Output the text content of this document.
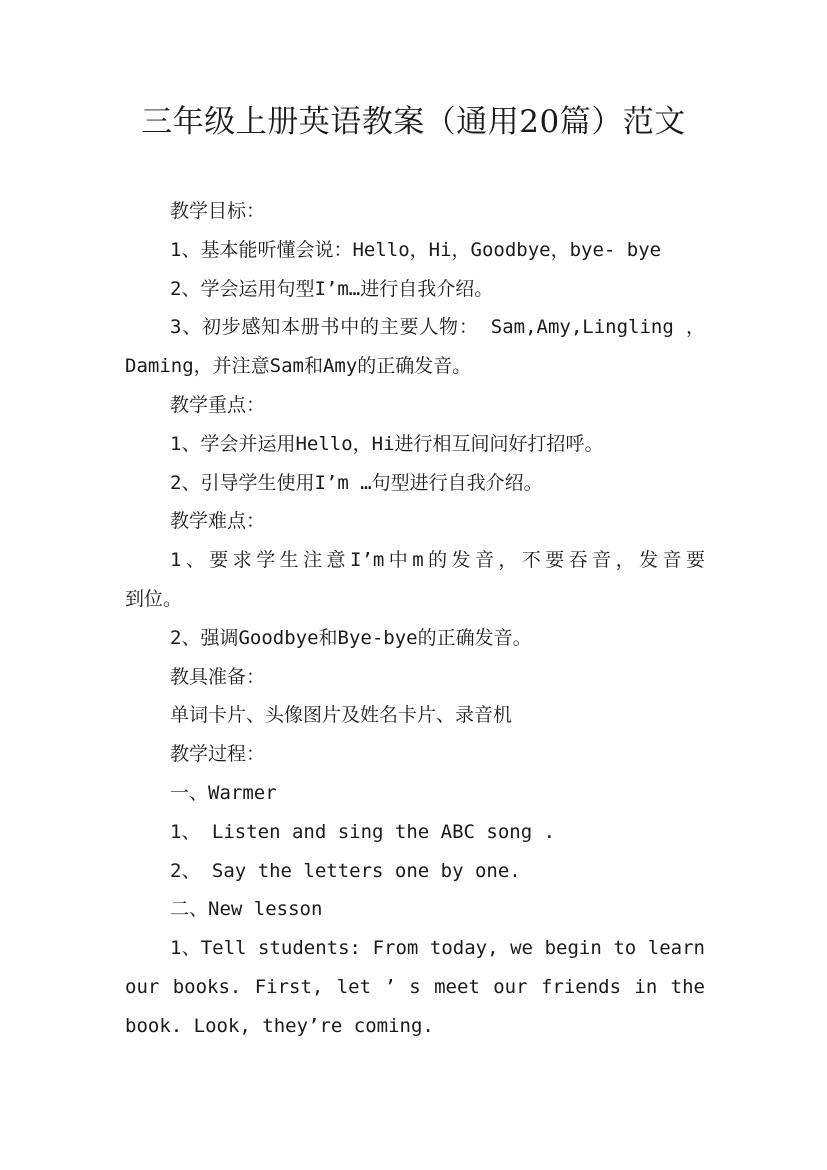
三年级上册英语教案（通用20篇）范文
教学目标：
1、基本能听懂会说：Hello，Hi，Goodbye，bye- bye
2、学会运用句型I’m…进行自我介绍。
3、初步感知本册书中的主要人物： Sam,Amy,Lingling ，
Daming，并注意Sam和Amy的正确发音。
教学重点：
1、学会并运用Hello，Hi进行相互间问好打招呼。
2、引导学生使用I’m …句型进行自我介绍。
教学难点：
1、要求学生注意I’m中m的发音，不要吞音，发音要
到位。
2、强调Goodbye和Bye-bye的正确发音。
教具准备：
单词卡片、头像图片及姓名卡片、录音机
教学过程：
一、Warmer
1、 Listen and sing the ABC song .
2、 Say the letters one by one.
二、New lesson
1、Tell students: From today, we begin to learn
our books. First, let ’ s meet our friends in the
book. Look, they’re coming.
